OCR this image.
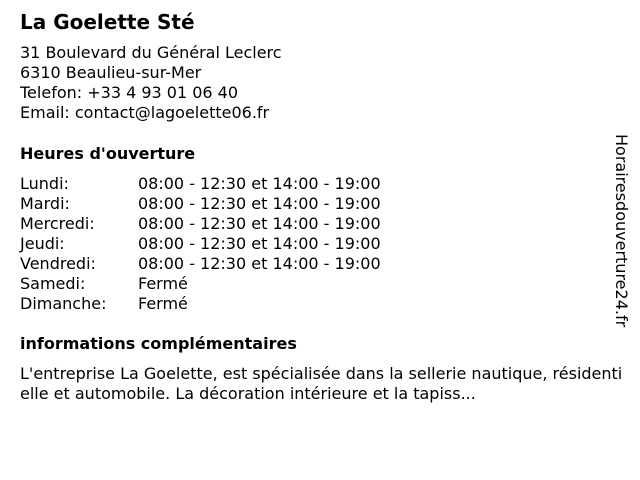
La Goelette Sté
31 Boulevard du Général Leclerc
6310 Beaulieu-sur-Mer
Telefon: +33 4 93 01 06 40
Email: contact@lagoelette06.fr
Heures d'ouverture
Lundi:	08:00 - 12:30 et 14:00 - 19:00
Mardi:	08:00 - 12:30 et 14:00 - 19:00
Mercredi:	08:00 - 12:30 et 14:00 - 19:00
Jeudi:	08:00 - 12:30 et 14:00 - 19:00
Vendredi:	08:00 - 12:30 et 14:00 - 19:00
Samedi:	Fermé
Dimanche: Fermé
informations complémentaires
L'entreprise La Goelette, est spécialisée dans la sellerie nautique, résidentielle et automobile. La décoration intérieure et la tapiss...
Horairesdouverture24.fr
